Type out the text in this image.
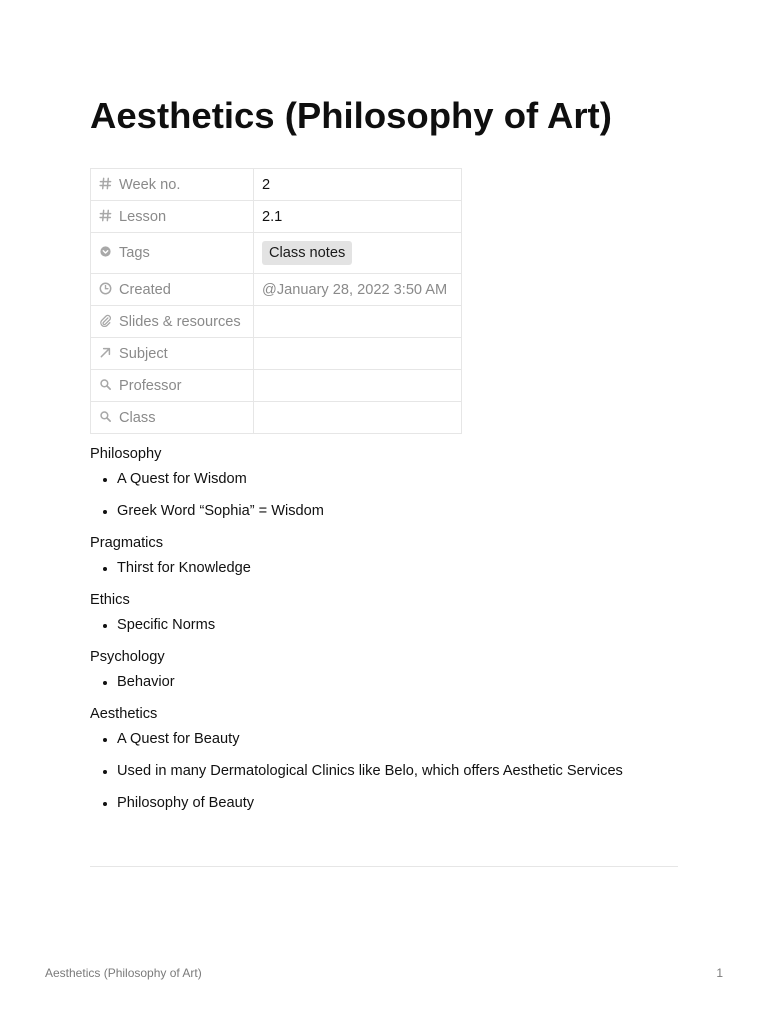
Aesthetics (Philosophy of Art)
Week no.	2
Lesson	2.1
Tags	Class notes
Created	@January 28, 2022 3:50 AM
Slides & resources	
Subject	
Professor	
Class	
Philosophy
• A Quest for Wisdom
• Greek Word “Sophia” = Wisdom
Pragmatics
• Thirst for Knowledge
Ethics
• Specific Norms
Psychology
• Behavior
Aesthetics
• A Quest for Beauty
• Used in many Dermatological Clinics like Belo, which offers Aesthetic Services
• Philosophy of Beauty
Aesthetics (Philosophy of Art)	1
